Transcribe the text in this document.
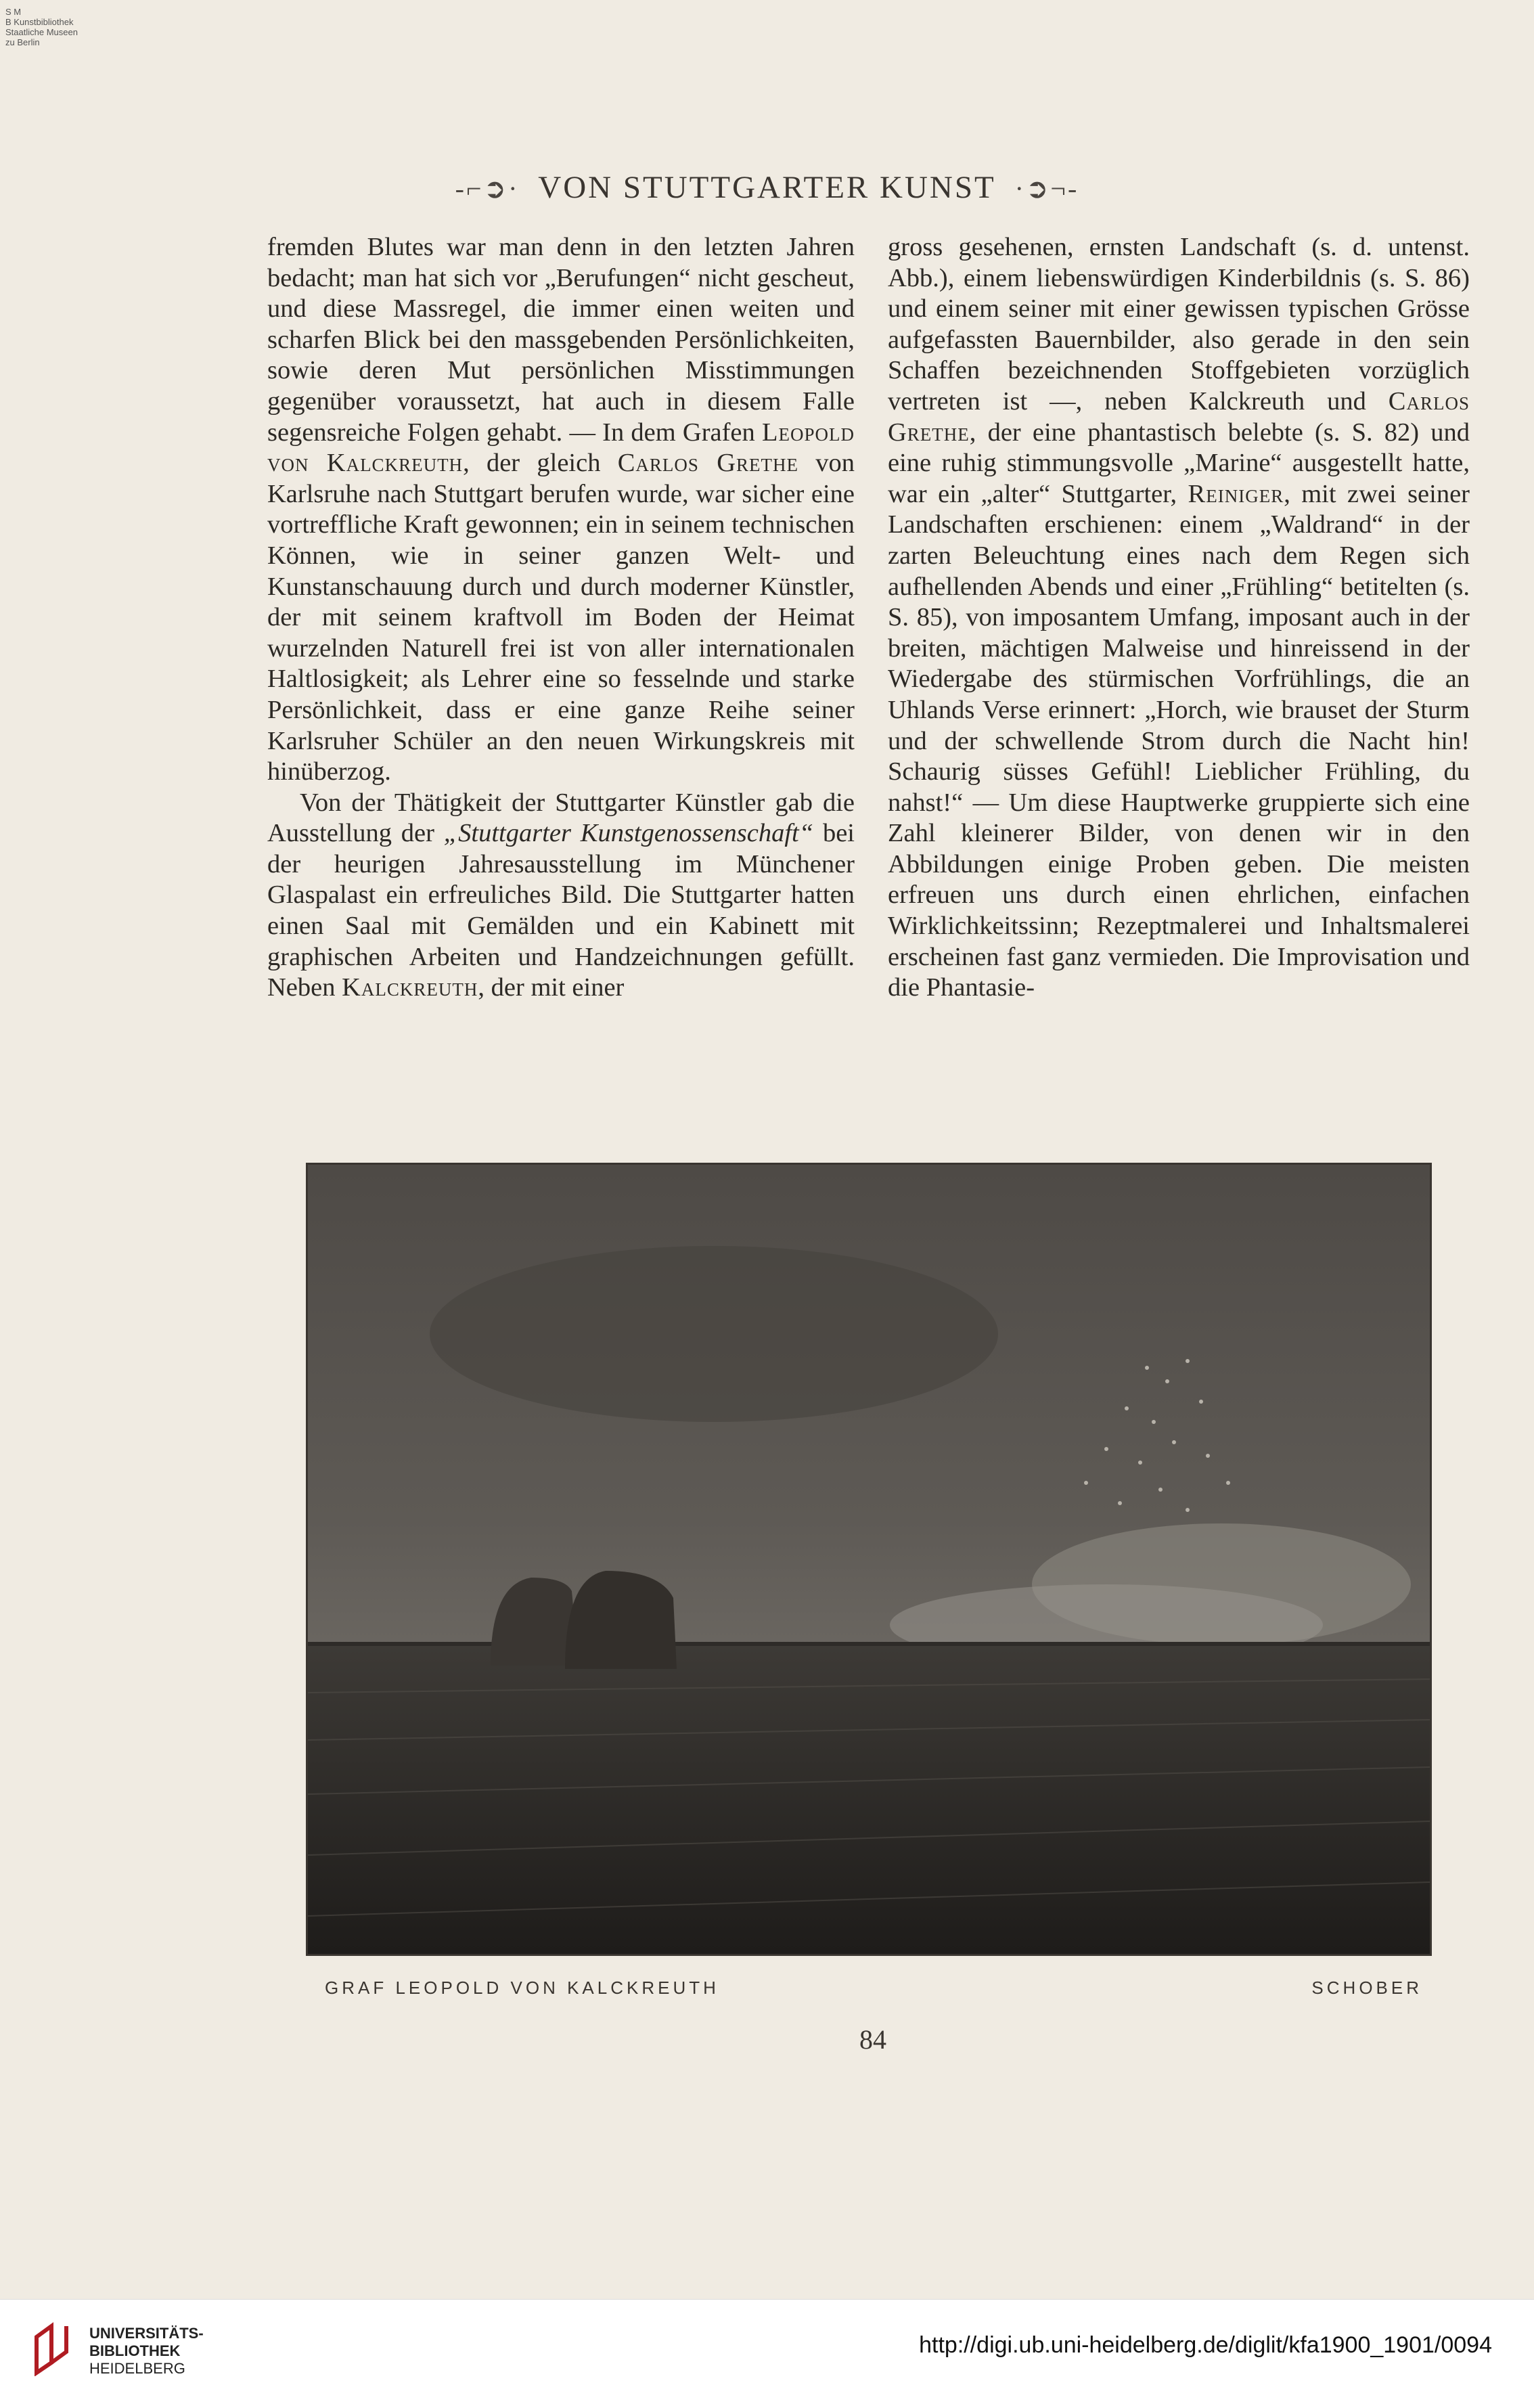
S M
B Kunstbibliothek
Staatliche Museen
zu Berlin
-⌐➲· VON STUTTGARTER KUNST ·➲¬-

fremden Blutes war man denn in den letzten Jahren bedacht; man hat sich vor „Berufungen“ nicht gescheut, und diese Massregel, die immer einen weiten und scharfen Blick bei den massgebenden Persönlichkeiten, sowie deren Mut persönlichen Misstimmungen gegenüber voraussetzt, hat auch in diesem Falle segensreiche Folgen gehabt. — In dem Grafen Leopold von Kalckreuth, der gleich Carlos Grethe von Karlsruhe nach Stuttgart berufen wurde, war sicher eine vortreffliche Kraft gewonnen; ein in seinem technischen Können, wie in seiner ganzen Welt- und Kunstanschauung durch und durch moderner Künstler, der mit seinem kraftvoll im Boden der Heimat wurzelnden Naturell frei ist von aller internationalen Haltlosigkeit; als Lehrer eine so fesselnde und starke Persönlichkeit, dass er eine ganze Reihe seiner Karlsruher Schüler an den neuen Wirkungskreis mit hinüberzog.

Von der Thätigkeit der Stuttgarter Künstler gab die Ausstellung der „Stuttgarter Kunstgenossenschaft“ bei der heurigen Jahresausstellung im Münchener Glaspalast ein erfreuliches Bild. Die Stuttgarter hatten einen Saal mit Gemälden und ein Kabinett mit graphischen Arbeiten und Handzeichnungen gefüllt. Neben Kalckreuth, der mit einer

gross gesehenen, ernsten Landschaft (s. d. untenst. Abb.), einem liebenswürdigen Kinderbildnis (s. S. 86) und einem seiner mit einer gewissen typischen Grösse aufgefassten Bauernbilder, also gerade in den sein Schaffen bezeichnenden Stoffgebieten vorzüglich vertreten ist —, neben Kalckreuth und Carlos Grethe, der eine phantastisch belebte (s. S. 82) und eine ruhig stimmungsvolle „Marine“ ausgestellt hatte, war ein „alter“ Stuttgarter, Reiniger, mit zwei seiner Landschaften erschienen: einem „Waldrand“ in der zarten Beleuchtung eines nach dem Regen sich aufhellenden Abends und einer „Frühling“ betitelten (s. S. 85), von imposantem Umfang, imposant auch in der breiten, mächtigen Malweise und hinreissend in der Wiedergabe des stürmischen Vorfrühlings, die an Uhlands Verse erinnert: „Horch, wie brauset der Sturm und der schwellende Strom durch die Nacht hin! Schaurig süsses Gefühl! Lieblicher Frühling, du nahst!“ — Um diese Hauptwerke gruppierte sich eine Zahl kleinerer Bilder, von denen wir in den Abbildungen einige Proben geben. Die meisten erfreuen uns durch einen ehrlichen, einfachen Wirklichkeitssinn; Rezeptmalerei und Inhaltsmalerei erscheinen fast ganz vermieden. Die Improvisation und die Phantasie-

GRAF LEOPOLD VON KALCKREUTH	SCHOBER
84
UNIVERSITÄTS-
BIBLIOTHEK
HEIDELBERG
http://digi.ub.uni-heidelberg.de/diglit/kfa1900_1901/0094
